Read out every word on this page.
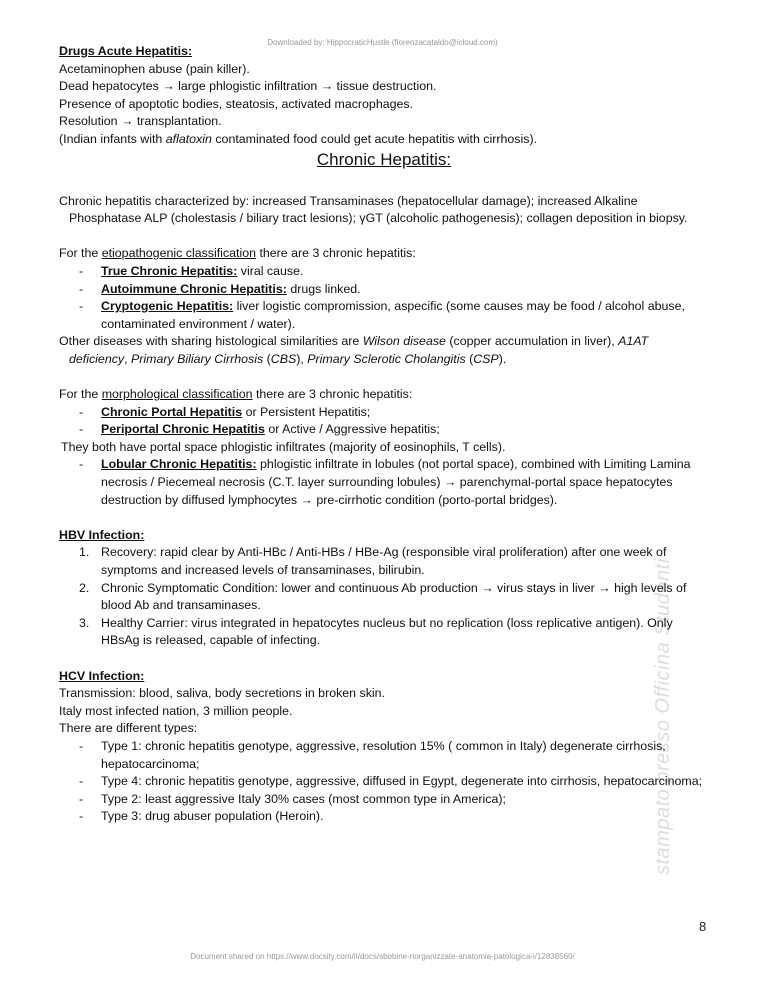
Downloaded by: HippocraticHustle (fiorenzacataldo@icloud.com)
stampato presso Officina Studenti

Drugs Acute Hepatitis:

Acetaminophen abuse (pain killer).

Dead hepatocytes → large phlogistic infiltration → tissue destruction.

Presence of apoptotic bodies, steatosis, activated macrophages.

Resolution → transplantation.

(Indian infants with aflatoxin contaminated food could get acute hepatitis with cirrhosis).

Chronic Hepatitis:

Chronic hepatitis characterized by: increased Transaminases (hepatocellular damage); increased Alkaline Phosphatase ALP (cholestasis / biliary tract lesions); γGT (alcoholic pathogenesis); collagen deposition in biopsy.

For the etiopathogenic classification there are 3 chronic hepatitis:

- True Chronic Hepatitis: viral cause.
- Autoimmune Chronic Hepatitis: drugs linked.
- Cryptogenic Hepatitis: liver logistic compromission, aspecific (some causes may be food / alcohol abuse, contaminated environment / water).

Other diseases with sharing histological similarities are Wilson disease (copper accumulation in liver), A1AT deficiency, Primary Biliary Cirrhosis (CBS), Primary Sclerotic Cholangitis (CSP).

For the morphological classification there are 3 chronic hepatitis:

- Chronic Portal Hepatitis or Persistent Hepatitis;
- Periportal Chronic Hepatitis or Active / Aggressive hepatitis;

They both have portal space phlogistic infiltrates (majority of eosinophils, T cells).

- Lobular Chronic Hepatitis: phlogistic infiltrate in lobules (not portal space), combined with Limiting Lamina necrosis / Piecemeal necrosis (C.T. layer surrounding lobules) → parenchymal-portal space hepatocytes destruction by diffused lymphocytes → pre-cirrhotic condition (porto-portal bridges).

HBV Infection:

1. Recovery: rapid clear by Anti-HBc / Anti-HBs / HBe-Ag (responsible viral proliferation) after one week of symptoms and increased levels of transaminases, bilirubin.
2. Chronic Symptomatic Condition: lower and continuous Ab production → virus stays in liver → high levels of blood Ab and transaminases.
3. Healthy Carrier: virus integrated in hepatocytes nucleus but no replication (loss replicative antigen). Only HBsAg is released, capable of infecting.

HCV Infection:

Transmission: blood, saliva, body secretions in broken skin.

Italy most infected nation, 3 million people.

There are different types:

- Type 1: chronic hepatitis genotype, aggressive, resolution 15% ( common in Italy) degenerate cirrhosis, hepatocarcinoma;
- Type 4: chronic hepatitis genotype, aggressive, diffused in Egypt, degenerate into cirrhosis, hepatocarcinoma;
- Type 2: least aggressive Italy 30% cases (most common type in America);
- Type 3: drug abuser population (Heroin).
8
Document shared on https://www.docsity.com/it/docs/sbobine-riorganizzate-anatomia-patologica-i/12838560/
